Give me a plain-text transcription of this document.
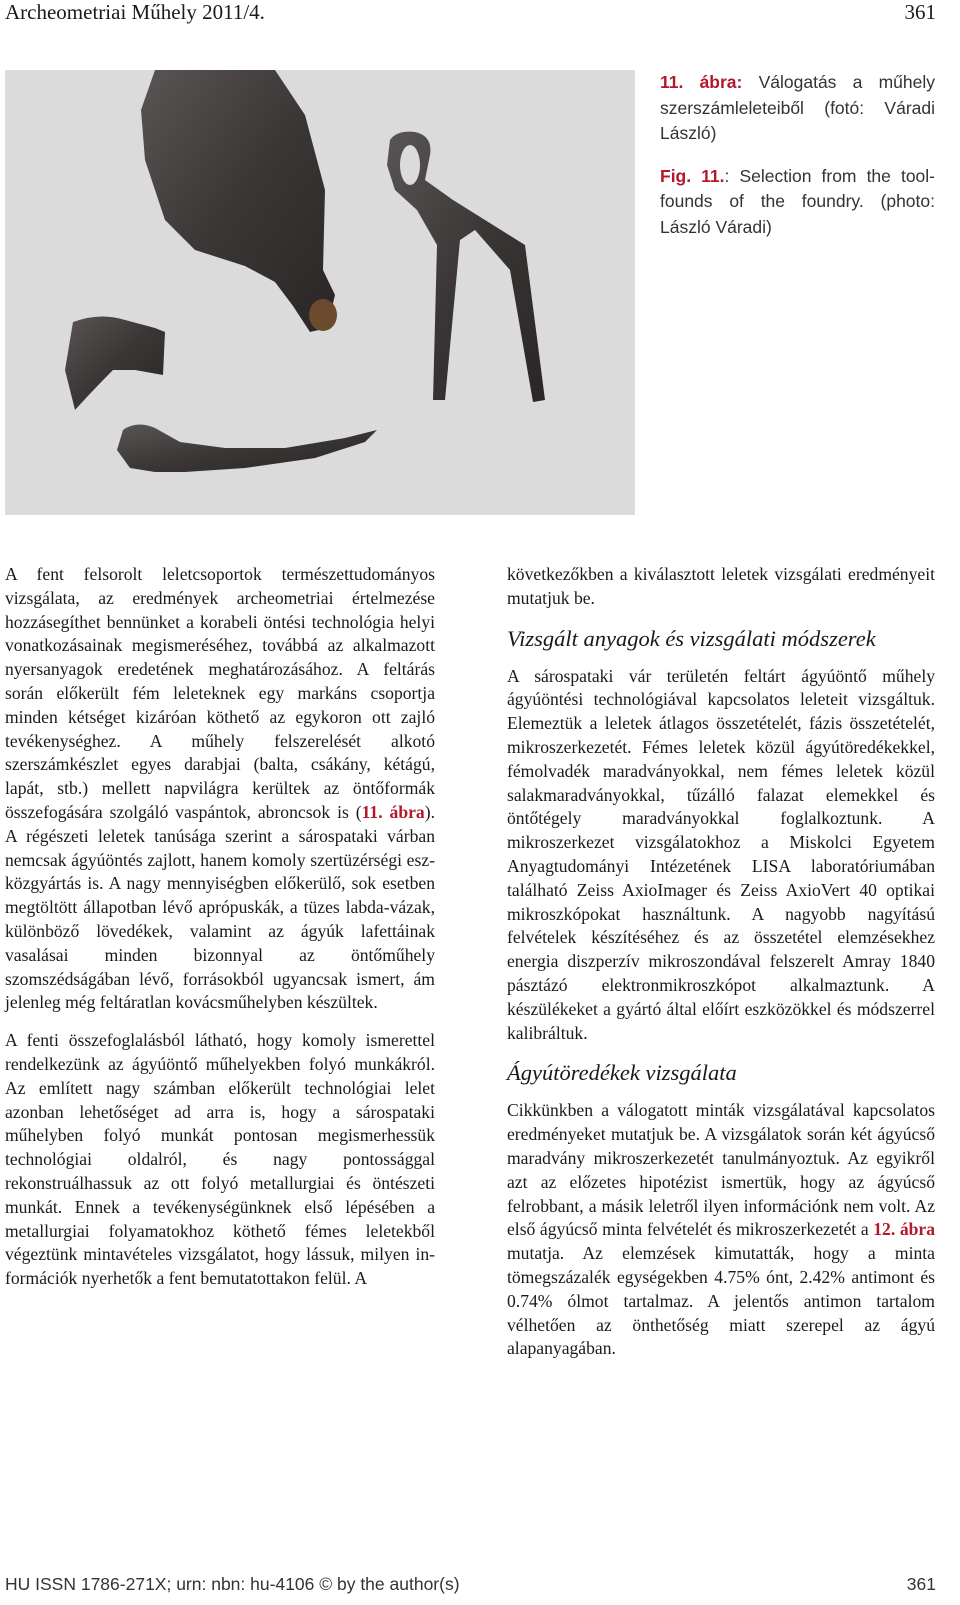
Archeometriai Műhely 2011/4.	361

11. ábra: Válogatás a műhely szerszámleleteiből (fotó: Váradi László)

Fig. 11.: Selection from the tool-founds of the foundry. (photo: László Váradi)

A fent felsorolt leletcsoportok természettudományos vizsgálata, az eredmények archeometriai értelmezése hozzásegíthet bennünket a korabeli öntési technológia helyi vonatkozásainak megismeréséhez, továbbá az alkalmazott nyersanyagok eredetének meghatározásához. A feltárás során előkerült fém leleteknek egy markáns csoportja minden kétséget kizáróan köthető az egykoron ott zajló tevékenységhez. A műhely felszerelését alkotó szerszámkészlet egyes darabjai (balta, csákány, kétágú, lapát, stb.) mellett napvilágra kerültek az öntőformák összefogására szolgáló vaspántok, abroncsok is (11. ábra). A régészeti leletek tanúsága szerint a sárospataki várban nemcsak ágyúöntés zajlott, hanem komoly szertüzérségi eszközgyártás is. A nagy mennyiségben előkerülő, sok esetben megtöltött állapotban lévő aprópuskák, a tüzes labda-vázak, különböző lövedékek, valamint az ágyúk lafettáinak vasalásai minden bizonnyal az öntőműhely szomszédságában lévő, forrásokból ugyancsak ismert, ám jelenleg még feltáratlan kovácsműhelyben készültek.

A fenti összefoglalásból látható, hogy komoly ismerettel rendelkezünk az ágyúöntő műhelyekben folyó munkákról. Az említett nagy számban előkerült technológiai lelet azonban lehetőséget ad arra is, hogy a sárospataki műhelyben folyó munkát pontosan megismerhessük technológiai oldalról, és nagy pontossággal rekonstruálhassuk az ott folyó metallurgiai és öntészeti munkát. Ennek a tevékenységünknek első lépésében a metallurgiai folyamatokhoz köthető fémes leletekből végeztünk mintavételes vizsgálatot, hogy lássuk, milyen információk nyerhetők a fent bemutatottakon felül. A

következőkben a kiválasztott leletek vizsgálati eredményeit mutatjuk be.

Vizsgált anyagok és vizsgálati módszerek

A sárospataki vár területén feltárt ágyúöntő műhely ágyúöntési technológiával kapcsolatos leleteit vizsgáltuk. Elemeztük a leletek átlagos összetételét, fázis összetételét, mikroszerkezetét. Fémes leletek közül ágyútöredékekkel, fémolvadék maradványokkal, nem fémes leletek közül salakmaradványokkal, tűzálló falazat elemekkel és öntőtégely maradványokkal foglalkoztunk. A mikroszerkezet vizsgálatokhoz a Miskolci Egyetem Anyagtudományi Intézetének LISA laboratóriumában található Zeiss AxioImager és Zeiss AxioVert 40 optikai mikroszkópokat használtunk. A nagyobb nagyítású felvételek készítéséhez és az összetétel elemzésekhez energia diszperzív mikroszondával felszerelt Amray 1840 pásztázó elektronmikroszkópot alkalmaztunk. A készülékeket a gyártó által előírt eszközökkel és módszerrel kalibráltuk.

Ágyútöredékek vizsgálata

Cikkünkben a válogatott minták vizsgálatával kapcsolatos eredményeket mutatjuk be. A vizsgálatok során két ágyúcső maradvány mikroszerkezetét tanulmányoztuk. Az egyikről azt az előzetes hipotézist ismertük, hogy az ágyúcső felrobbant, a másik leletről ilyen információnk nem volt. Az első ágyúcső minta felvételét és mikroszerkezetét a 12. ábra mutatja. Az elemzések kimutatták, hogy a minta tömegszázalék egységekben 4.75% ónt, 2.42% antimont és 0.74% ólmot tartalmaz. A jelentős antimon tartalom vélhetően az önthetőség miatt szerepel az ágyú alapanyagában.

HU ISSN 1786-271X; urn: nbn: hu-4106 © by the author(s)	361
